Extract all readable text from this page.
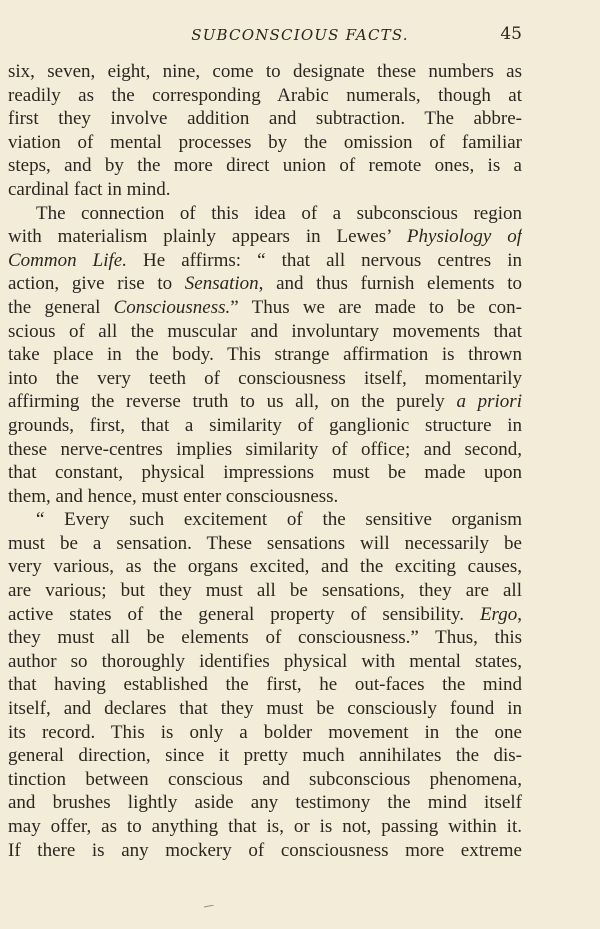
SUBCONSCIOUS FACTS.	45
six, seven, eight, nine, come to designate these numbers as
readily as the corresponding Arabic numerals, though at
first they involve addition and subtraction. The abbre-
viation of mental processes by the omission of familiar
steps, and by the more direct union of remote ones, is a
cardinal fact in mind.
The connection of this idea of a subconscious region
with materialism plainly appears in Lewes’ Physiology of
Common Life. He affirms: “ that all nervous centres in
action, give rise to Sensation, and thus furnish elements to
the general Consciousness.” Thus we are made to be con-
scious of all the muscular and involuntary movements that
take place in the body. This strange affirmation is thrown
into the very teeth of consciousness itself, momentarily
affirming the reverse truth to us all, on the purely a priori
grounds, first, that a similarity of ganglionic structure in
these nerve-centres implies similarity of office; and second,
that constant, physical impressions must be made upon
them, and hence, must enter consciousness.
“ Every such excitement of the sensitive organism
must be a sensation. These sensations will necessarily be
very various, as the organs excited, and the exciting causes,
are various; but they must all be sensations, they are all
active states of the general property of sensibility. Ergo,
they must all be elements of consciousness.” Thus, this
author so thoroughly identifies physical with mental states,
that having established the first, he out-faces the mind
itself, and declares that they must be consciously found in
its record. This is only a bolder movement in the one
general direction, since it pretty much annihilates the dis-
tinction between conscious and subconscious phenomena,
and brushes lightly aside any testimony the mind itself
may offer, as to anything that is, or is not, passing within it.
If there is any mockery of consciousness more extreme
